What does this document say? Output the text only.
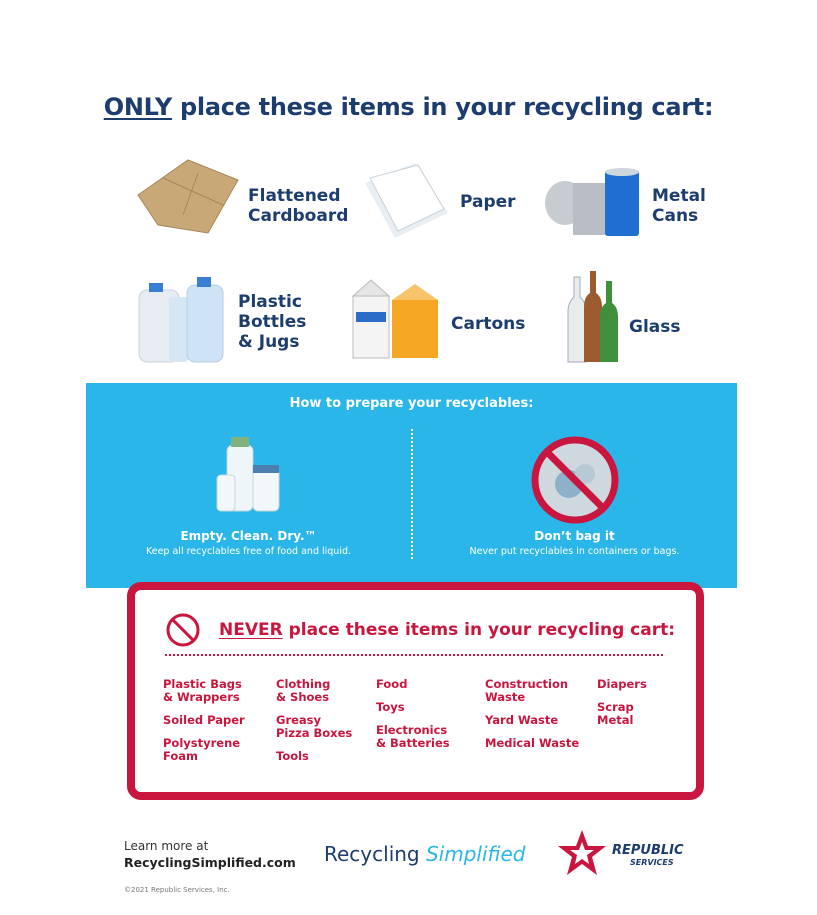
ONLY place these items in your recycling cart:
Flattened
Cardboard
Paper	Metal
Cans
Plastic
Bottles
& Jugs
Cartons	Glass
How to prepare your recyclables:
Empty. Clean. Dry.™
Keep all recyclables free of food and liquid.
Don’t bag it
Never put recyclables in containers or bags.
NEVER place these items in your recycling cart:
Plastic Bags
& Wrappers
Soiled Paper
Polystyrene
Foam
Clothing
& Shoes
Greasy
Pizza Boxes
Tools
Food
Toys
Electronics
& Batteries
Construction
Waste
Yard Waste
Medical Waste
Diapers
Scrap
Metal
Learn more at
RecyclingSimplified.com
©2021 Republic Services, Inc.
Recycling Simplified	REPUBLIC
SERVICES
